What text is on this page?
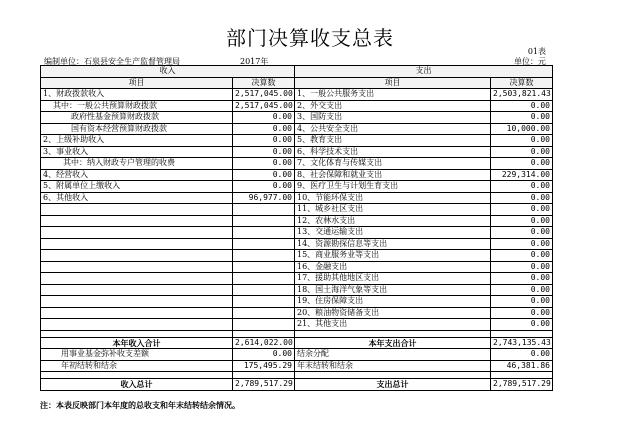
部门决算收支总表
01表
编制单位：石泉县安全生产监督管理局	2017年	单位：元
收入		支出	
项目	决算数	项目	决算数
1、财政拨款收入	2,517,045.00	1、一般公共服务支出	2,503,821.43
其中：一般公共预算财政拨款	2,517,045.00	2、外交支出	0.00
政府性基金预算财政拨款	0.00	3、国防支出	0.00
国有资本经营预算财政拨款	0.00	4、公共安全支出	10,000.00
2、上级补助收入	0.00	5、教育支出	0.00
3、事业收入	0.00	6、科学技术支出	0.00
其中：纳入财政专户管理的收费	0.00	7、文化体育与传媒支出	0.00
4、经营收入	0.00	8、社会保障和就业支出	229,314.00
5、附属单位上缴收入	0.00	9、医疗卫生与计划生育支出	0.00
6、其他收入	96,977.00	10、节能环保支出	0.00
		11、城乡社区支出	0.00
		12、农林水支出	0.00
		13、交通运输支出	0.00
		14、资源勘探信息等支出	0.00
		15、商业服务业等支出	0.00
		16、金融支出	0.00
		17、援助其他地区支出	0.00
		18、国土海洋气象等支出	0.00
		19、住房保障支出	0.00
		20、粮油物资储备支出	0.00
		21、其他支出	0.00

本年收入合计	2,614,022.00	本年支出合计	2,743,135.43
用事业基金弥补收支差额	0.00	结余分配	0.00
年初结转和结余	175,495.29	年末结转和结余	46,381.86

收入总计	2,789,517.29	支出总计	2,789,517.29
注：本表反映部门本年度的总收支和年末结转结余情况。
